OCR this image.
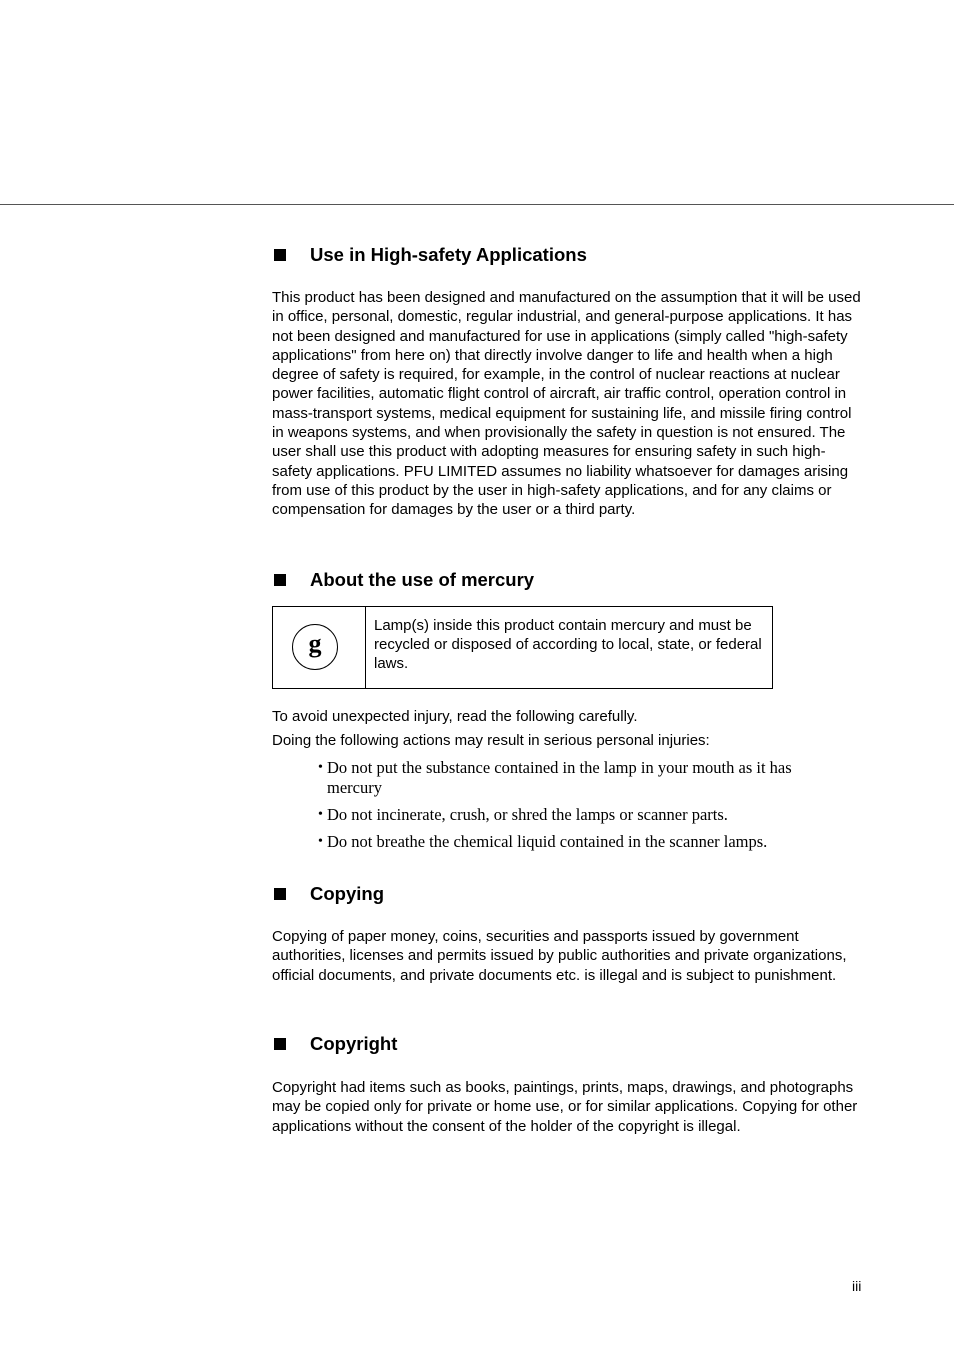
Use in High-safety Applications

This product has been designed and manufactured on the assumption that it will be used in office, personal, domestic, regular industrial, and general-purpose applications. It has not been designed and manufactured for use in applications (simply called "high-safety applications" from here on) that directly involve danger to life and health when a high degree of safety is required, for example, in the control of nuclear reactions at nuclear power facilities, automatic flight control of aircraft, air traffic control, operation control in mass-transport systems, medical equipment for sustaining life, and missile firing control in weapons systems, and when provisionally the safety in question is not ensured. The user shall use this product with adopting measures for ensuring safety in such high-safety applications. PFU LIMITED assumes no liability whatsoever for damages arising from use of this product by the user in high-safety applications, and for any claims or compensation for damages by the user or a third party.

About the use of mercury
g
Lamp(s) inside this product contain mercury and must be recycled or disposed of according to local, state, or federal laws.

To avoid unexpected injury, read the following carefully.

Doing the following actions may result in serious personal injuries:

• Do not put the substance contained in the lamp in your mouth as it has mercury
• Do not incinerate, crush, or shred the lamps or scanner parts.
• Do not breathe the chemical liquid contained in the scanner lamps.
Copying

Copying of paper money, coins, securities and passports issued by government authorities, licenses and permits issued by public authorities and private organizations, official documents, and private documents etc. is illegal and is subject to punishment.

Copyright

Copyright had items such as books, paintings, prints, maps, drawings, and photographs may be copied only for private or home use, or for similar applications. Copying for other applications without the consent of the holder of the copyright is illegal.

iii
